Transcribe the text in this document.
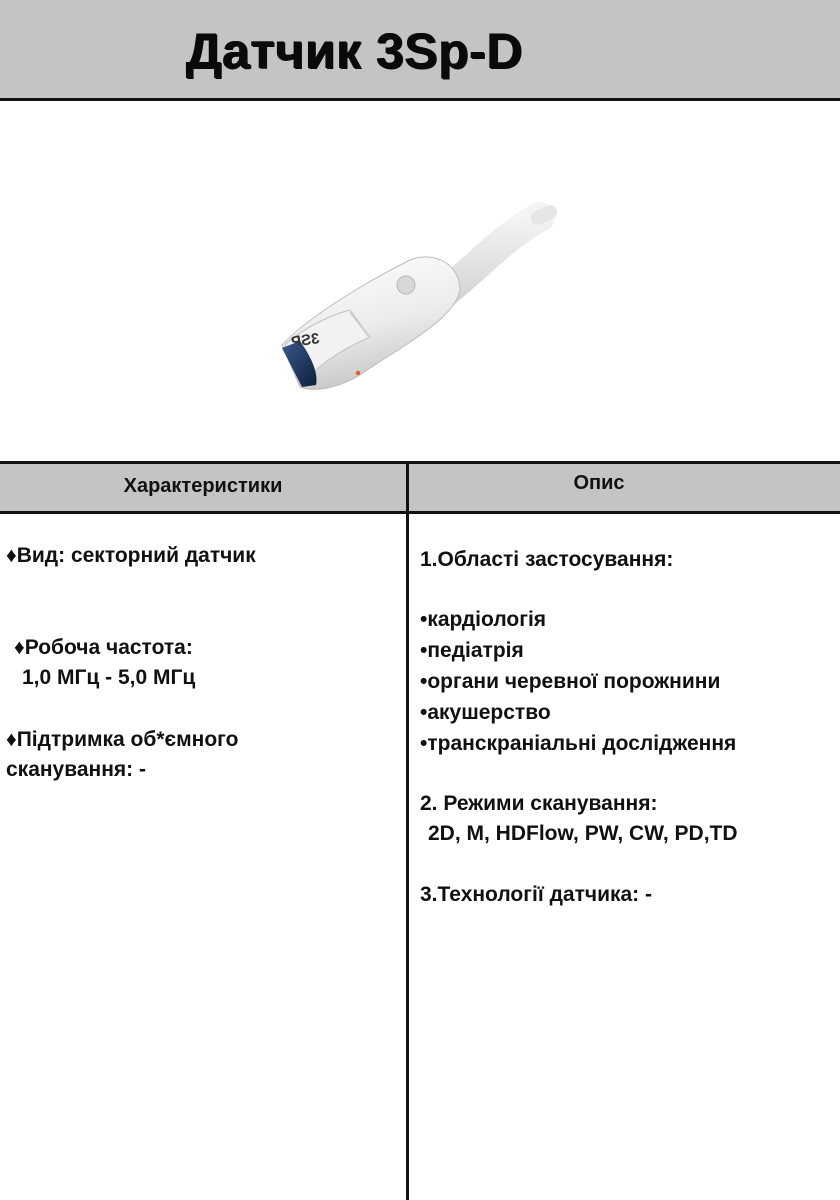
Датчик 3Sp-D
3SP
Характеристики	Опис
♦Вид: секторний датчик
♦Робоча частота:
1,0 МГц - 5,0 МГц
♦Підтримка об*ємного
сканування: -
1.Області застосування:
•кардіологія
•педіатрія
•органи черевної порожнини
•акушерство
•транскраніальні дослідження
2. Режими сканування:
2D, M, HDFlow, PW, CW, PD,TD
3.Технології датчика: -
